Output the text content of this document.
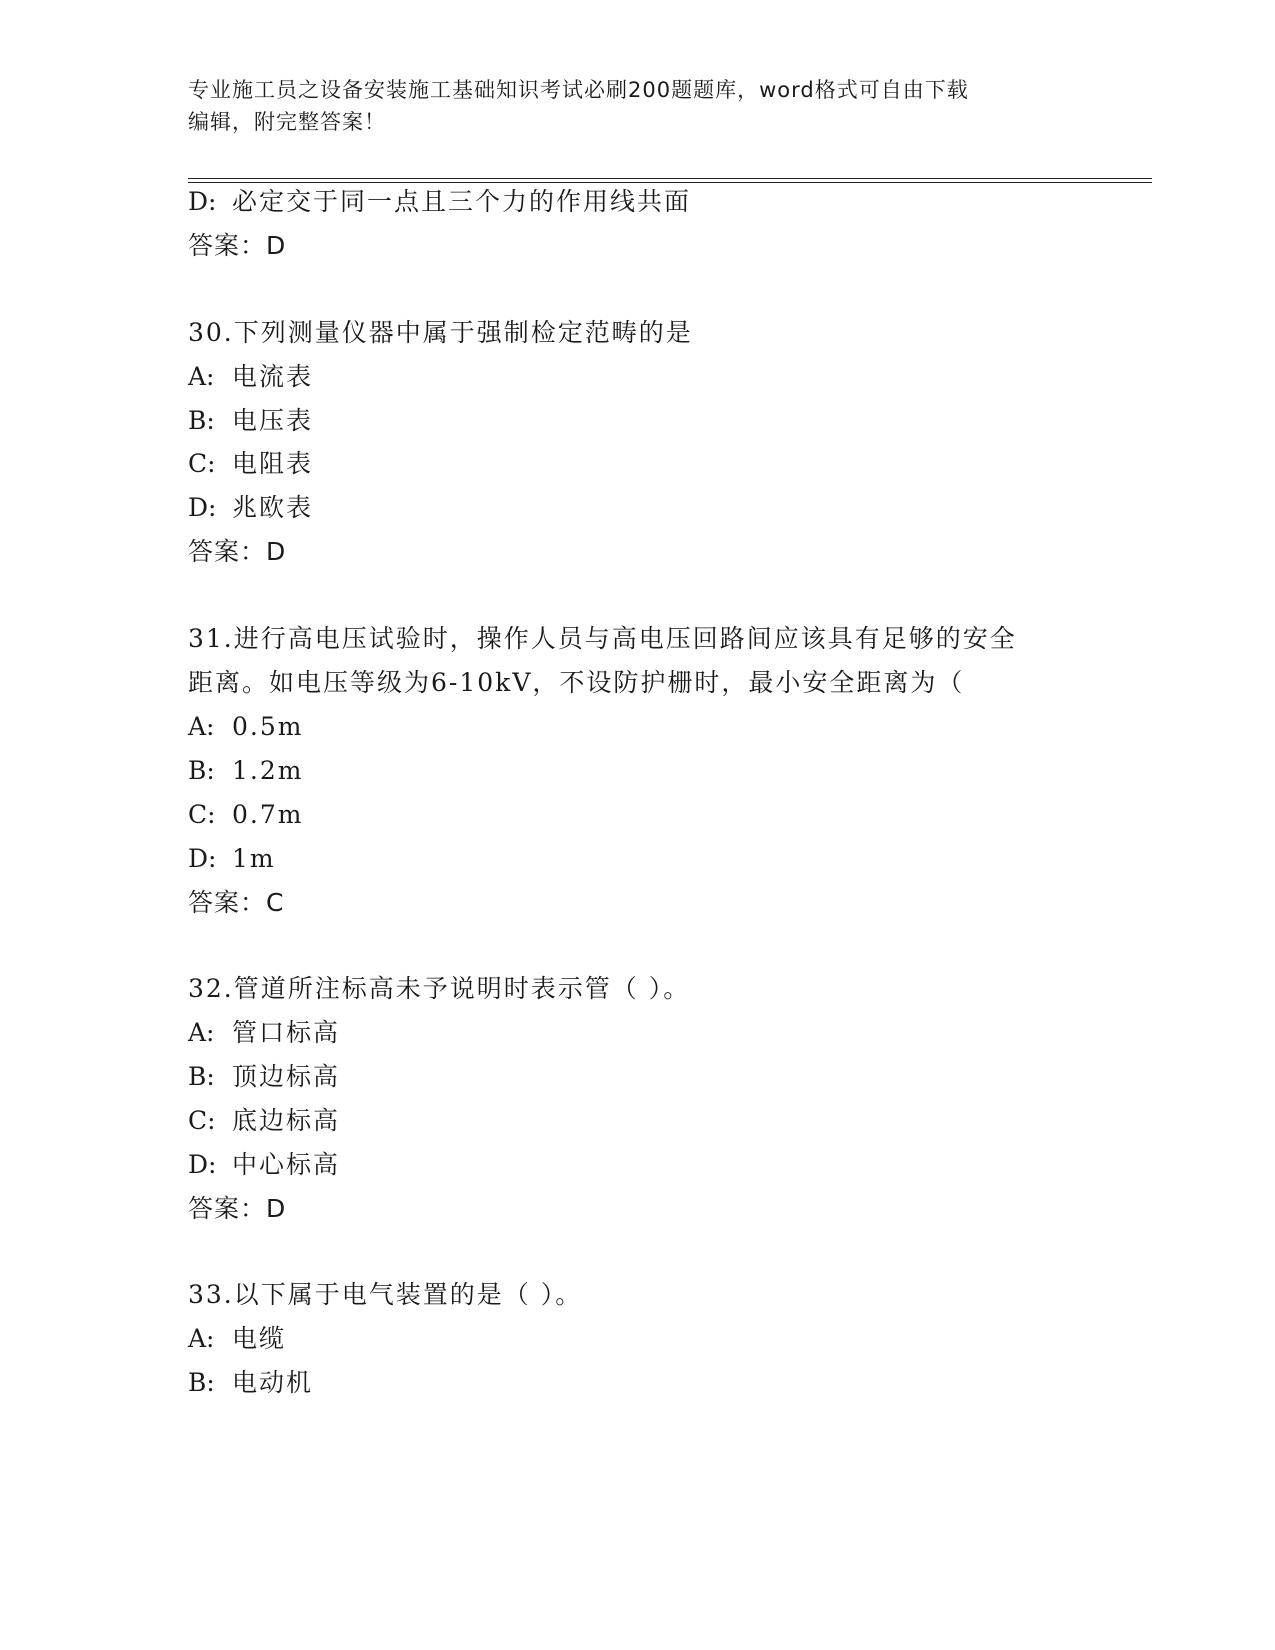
专业施工员之设备安装施工基础知识考试必刷200题题库，word格式可自由下载
编辑，附完整答案！
D: 必定交于同一点且三个力的作用线共面
答案：D
30.下列测量仪器中属于强制检定范畴的是
A: 电流表
B: 电压表
C: 电阻表
D: 兆欧表
答案：D
31.进行高电压试验时，操作人员与高电压回路间应该具有足够的安全
距离。如电压等级为6-10kV，不设防护栅时，最小安全距离为（
A: 0.5m
B: 1.2m
C: 0.7m
D: 1m
答案：C
32.管道所注标高未予说明时表示管（ ）。
A: 管口标高
B: 顶边标高
C: 底边标高
D: 中心标高
答案：D
33.以下属于电气装置的是（ ）。
A: 电缆
B: 电动机
